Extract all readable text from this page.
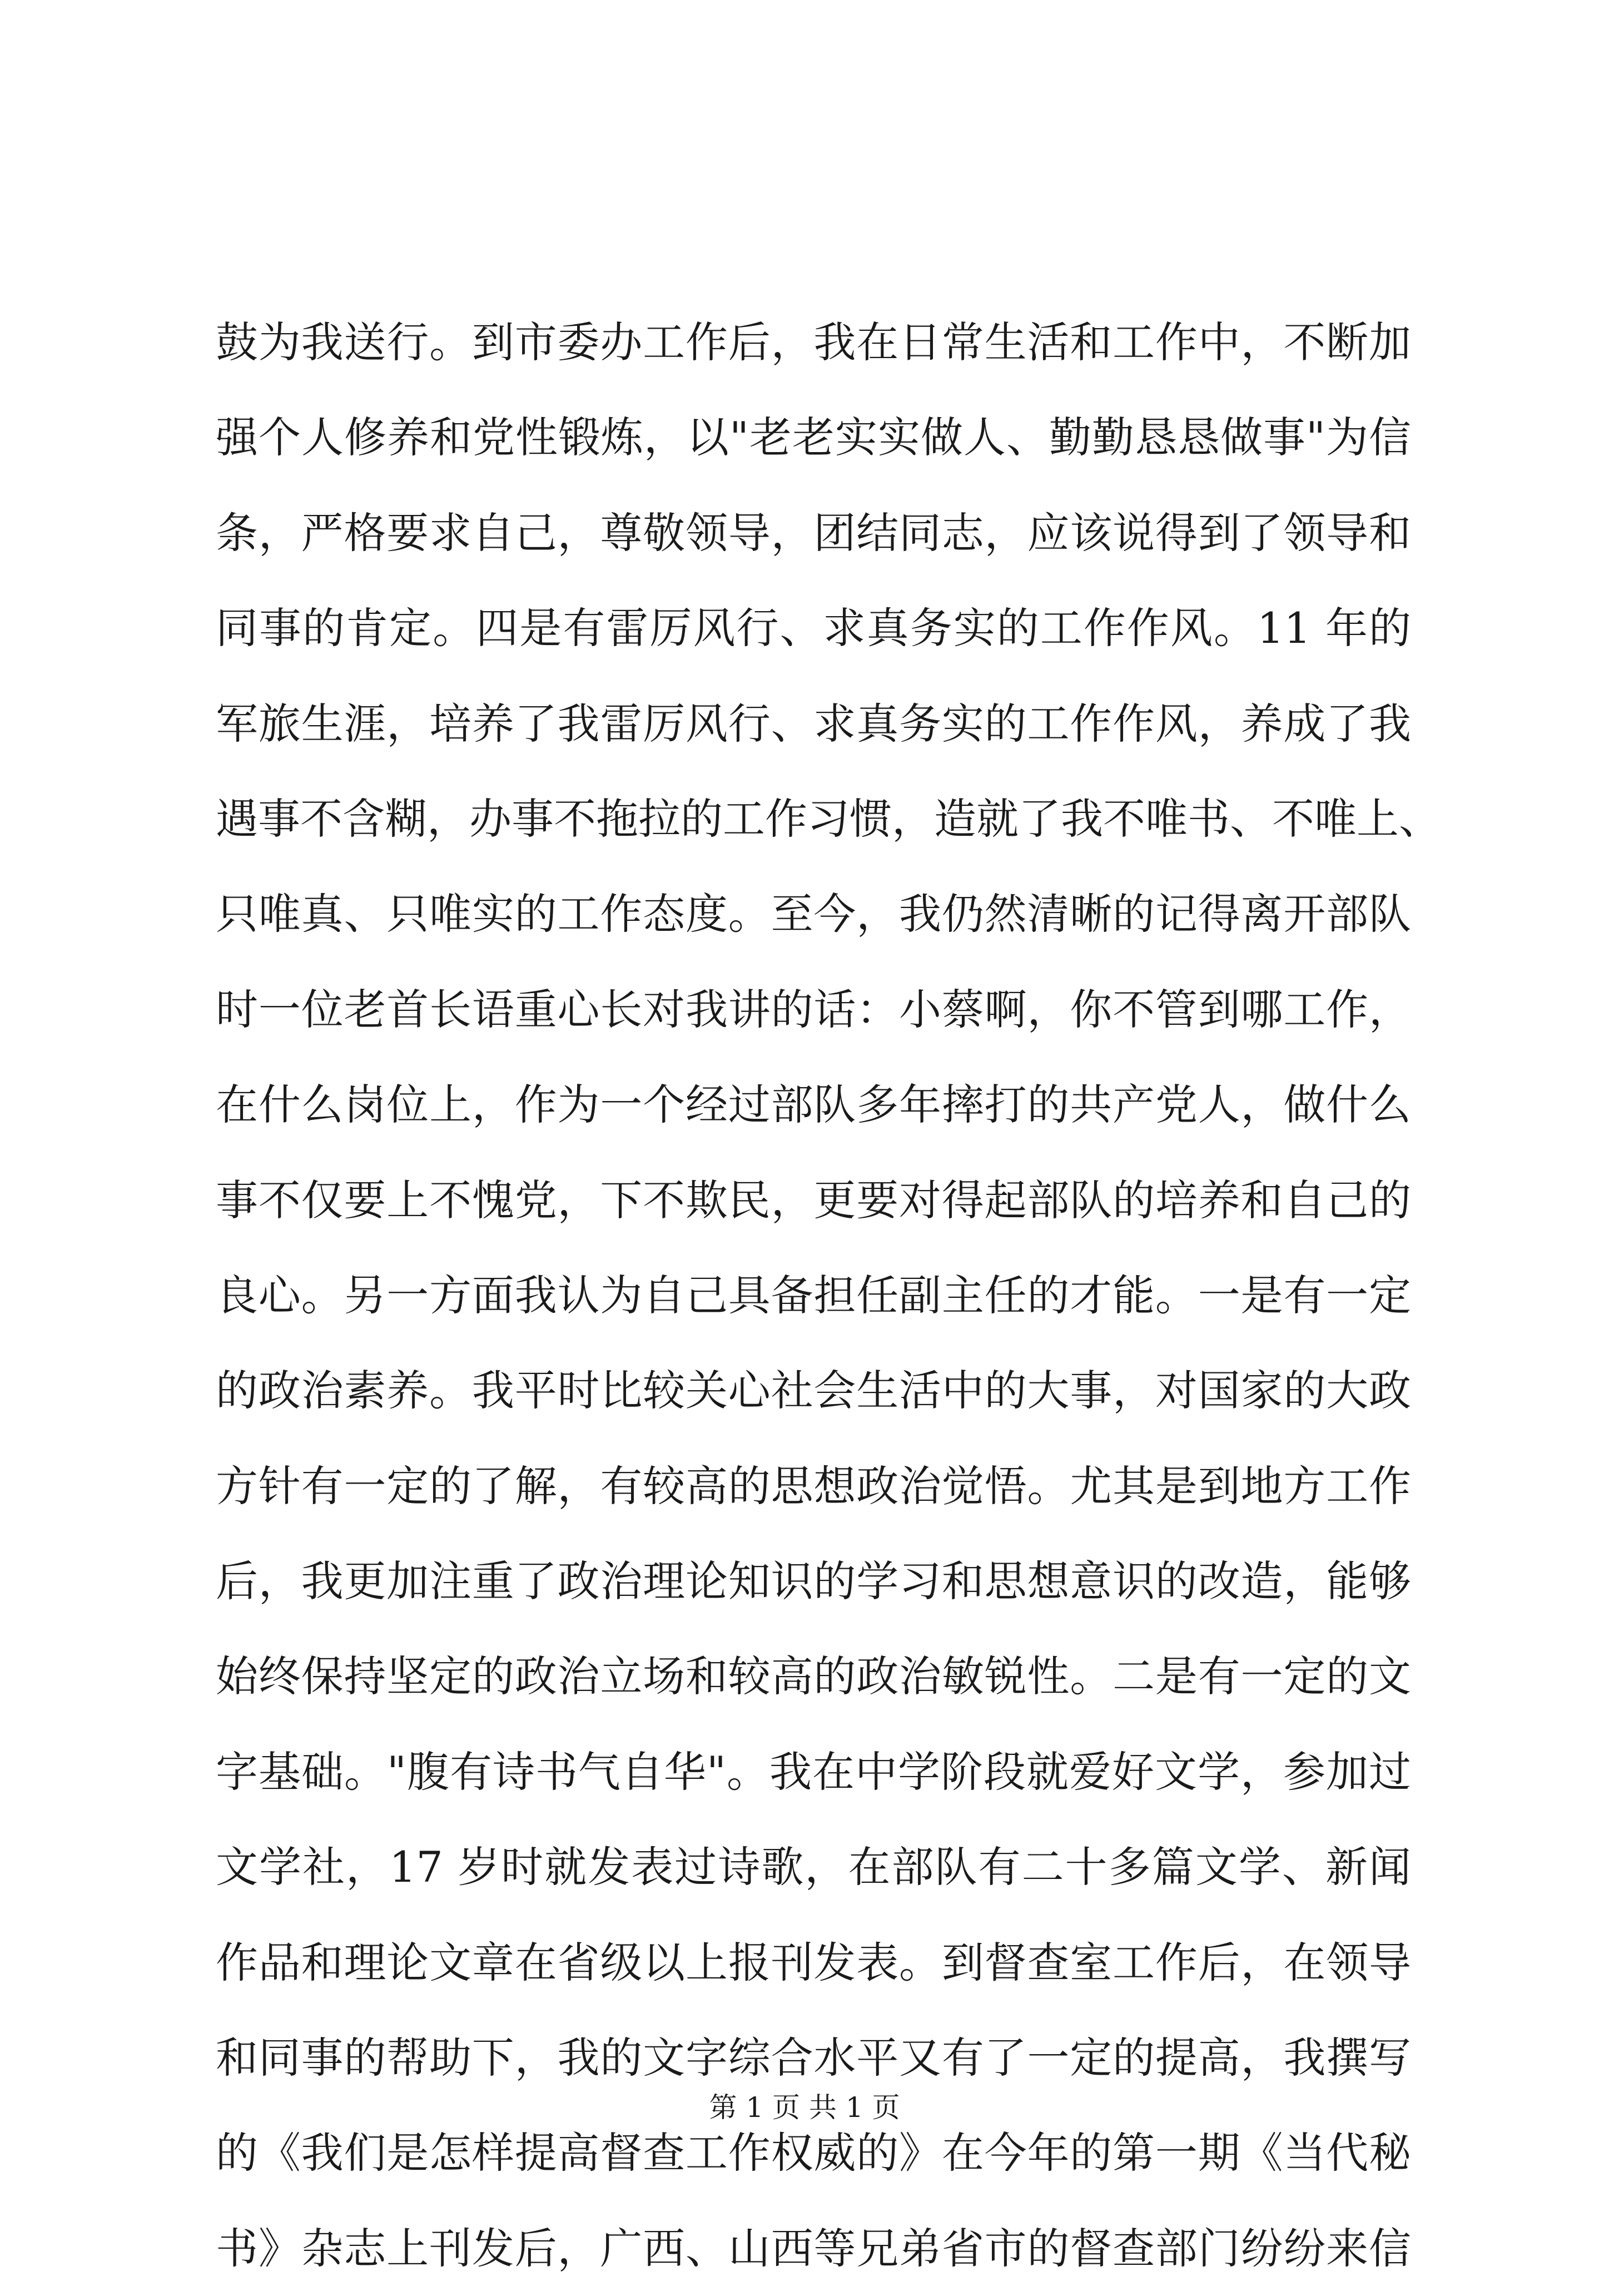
鼓为我送行。到市委办工作后，我在日常生活和工作中，不断加
强个人修养和党性锻炼，以"老老实实做人、勤勤恳恳做事"为信
条，严格要求自己，尊敬领导，团结同志，应该说得到了领导和
同事的肯定。四是有雷厉风行、求真务实的工作作风。11 年的
军旅生涯，培养了我雷厉风行、求真务实的工作作风，养成了我
遇事不含糊，办事不拖拉的工作习惯，造就了我不唯书、不唯上、
只唯真、只唯实的工作态度。至今，我仍然清晰的记得离开部队
时一位老首长语重心长对我讲的话：小蔡啊，你不管到哪工作，
在什么岗位上，作为一个经过部队多年摔打的共产党人，做什么
事不仅要上不愧党，下不欺民，更要对得起部队的培养和自己的
良心。另一方面我认为自己具备担任副主任的才能。一是有一定
的政治素养。我平时比较关心社会生活中的大事，对国家的大政
方针有一定的了解，有较高的思想政治觉悟。尤其是到地方工作
后，我更加注重了政治理论知识的学习和思想意识的改造，能够
始终保持坚定的政治立场和较高的政治敏锐性。二是有一定的文
字基础。"腹有诗书气自华"。我在中学阶段就爱好文学，参加过
文学社，17 岁时就发表过诗歌，在部队有二十多篇文学、新闻
作品和理论文章在省级以上报刊发表。到督查室工作后，在领导
和同事的帮助下，我的文字综合水平又有了一定的提高，我撰写
的《我们是怎样提高督查工作权威的》在今年的第一期《当代秘
书》杂志上刊发后，广西、山西等兄弟省市的督查部门纷纷来信
第 1 页 共 1 页
